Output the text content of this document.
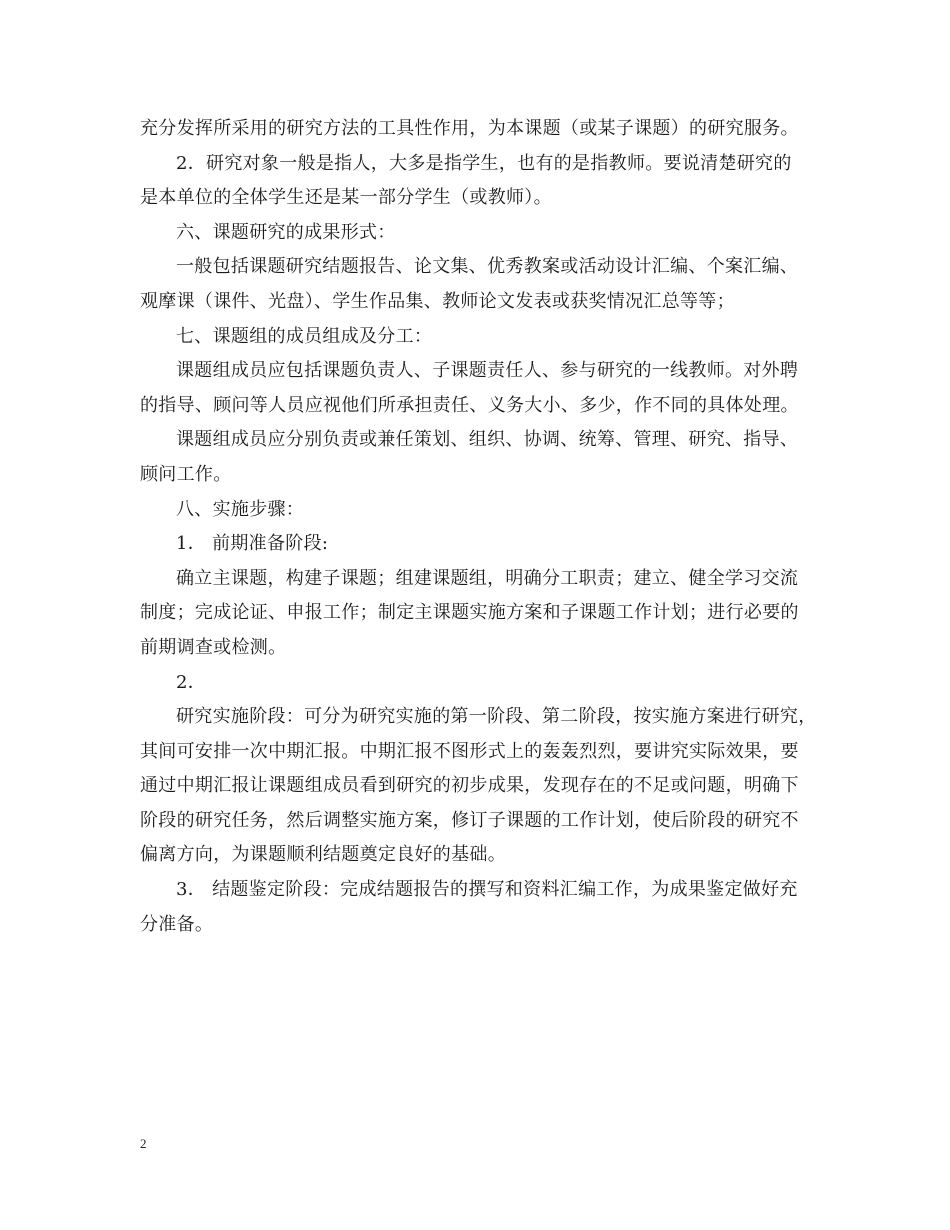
充分发挥所采用的研究方法的工具性作用，为本课题（或某子课题）的研究服务。
2．研究对象一般是指人，大多是指学生，也有的是指教师。要说清楚研究的
是本单位的全体学生还是某一部分学生（或教师）。
六、课题研究的成果形式：
一般包括课题研究结题报告、论文集、优秀教案或活动设计汇编、个案汇编、
观摩课（课件、光盘）、学生作品集、教师论文发表或获奖情况汇总等等；
七、课题组的成员组成及分工：
课题组成员应包括课题负责人、子课题责任人、参与研究的一线教师。对外聘
的指导、顾问等人员应视他们所承担责任、义务大小、多少，作不同的具体处理。
课题组成员应分别负责或兼任策划、组织、协调、统筹、管理、研究、指导、
顾问工作。
八、实施步骤：
1． 前期准备阶段:
确立主课题，构建子课题；组建课题组，明确分工职责；建立、健全学习交流
制度；完成论证、申报工作；制定主课题实施方案和子课题工作计划；进行必要的
前期调查或检测。
2．
研究实施阶段：可分为研究实施的第一阶段、第二阶段，按实施方案进行研究，
其间可安排一次中期汇报。中期汇报不图形式上的轰轰烈烈，要讲究实际效果，要
通过中期汇报让课题组成员看到研究的初步成果，发现存在的不足或问题，明确下
阶段的研究任务，然后调整实施方案，修订子课题的工作计划，使后阶段的研究不
偏离方向，为课题顺利结题奠定良好的基础。
3． 结题鉴定阶段：完成结题报告的撰写和资料汇编工作，为成果鉴定做好充
分准备。
2
